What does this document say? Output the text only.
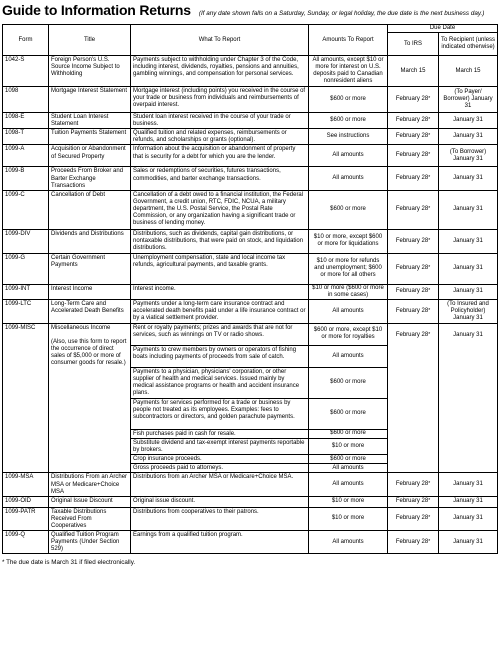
Guide to Information Returns (If any date shown falls on a Saturday, Sunday, or legal holiday, the due date is the next business day.)
Form	Title	What To Report	Amounts To Report	Due Date	
				To IRS	To Recipient (unless indicated otherwise)
1042-S	Foreign Person's U.S. Source Income Subject to Withholding	Payments subject to withholding under Chapter 3 of the Code, including interest, dividends, royalties, pensions and annuities, gambling winnings, and compensation for personal services.	All amounts, except $10 or more for interest on U.S. deposits paid to Canadian nonresident aliens	March 15	March 15
1098	Mortgage Interest Statement	Mortgage interest (including points) you received in the course of your trade or business from individuals and reimbursements of overpaid interest.	$600 or more	February 28*	(To Payer/ Borrower) January 31
1098-E	Student Loan Interest Statement	Student loan interest received in the course of your trade or business.	$600 or more	February 28*	January 31
1098-T	Tuition Payments Statement	Qualified tuition and related expenses, reimbursements or refunds, and scholarships or grants (optional).	See instructions	February 28*	January 31
1099-A	Acquisition or Abandonment of Secured Property	Information about the acquisition or abandonment of property that is security for a debt for which you are the lender.	All amounts	February 28*	(To Borrower) January 31
1099-B	Proceeds From Broker and Barter Exchange Transactions	Sales or redemptions of securities, futures transactions, commodities, and barter exchange transactions.	All amounts	February 28*	January 31
1099-C	Cancellation of Debt	Cancellation of a debt owed to a financial institution, the Federal Government, a credit union, RTC, FDIC, NCUA, a military department, the U.S. Postal Service, the Postal Rate Commission, or any organization having a significant trade or business of lending money.	$600 or more	February 28*	January 31
1099-DIV	Dividends and Distributions	Distributions, such as dividends, capital gain distributions, or nontaxable distributions, that were paid on stock, and liquidation distributions.	$10 or more, except $600 or more for liquidations	February 28*	January 31
1099-G	Certain Government Payments	Unemployment compensation, state and local income tax refunds, agricultural payments, and taxable grants.	$10 or more for refunds and unemployment; $600 or more for all others	February 28*	January 31
1099-INT	Interest Income	Interest income.	$10 or more ($600 or more in some cases)	February 28*	January 31
1099-LTC	Long-Term Care and Accelerated Death Benefits	Payments under a long-term care insurance contract and accelerated death benefits paid under a life insurance contract or by a viatical settlement provider.	All amounts	February 28*	(To Insured and Policyholder) January 31
1099-MISC	Miscellaneous Income
(Also, use this form to report the occurrence of direct sales of $5,000 or more of consumer goods for resale.)	Rent or royalty payments; prizes and awards that are not for services, such as winnings on TV or radio shows.	$600 or more, except $10 or more for royalties	February 28*	January 31
		Payments to crew members by owners or operators of fishing boats including payments of proceeds from sale of catch.	All amounts		
		Payments to a physician, physicians' corporation, or other supplier of health and medical services. Issued mainly by medical assistance programs or health and accident insurance plans.	$600 or more		
		Payments for services performed for a trade or business by people not treated as its employees. Examples: fees to subcontractors or directors, and golden parachute payments.	$600 or more		
		Fish purchases paid in cash for resale.	$600 or more		
		Substitute dividend and tax-exempt interest payments reportable by brokers.	$10 or more		
		Crop insurance proceeds.	$600 or more		
		Gross proceeds paid to attorneys.	All amounts		
1099-MSA	Distributions From an Archer MSA or Medicare+Choice MSA	Distributions from an Archer MSA or Medicare+Choice MSA.	All amounts	February 28*	January 31
1099-OID	Original Issue Discount	Original issue discount.	$10 or more	February 28*	January 31
1099-PATR	Taxable Distributions Received From Cooperatives	Distributions from cooperatives to their patrons.	$10 or more	February 28*	January 31
1099-Q	Qualified Tuition Program Payments (Under Section 529)	Earnings from a qualified tuition program.	All amounts	February 28*	January 31
* The due date is March 31 if filed electronically.
